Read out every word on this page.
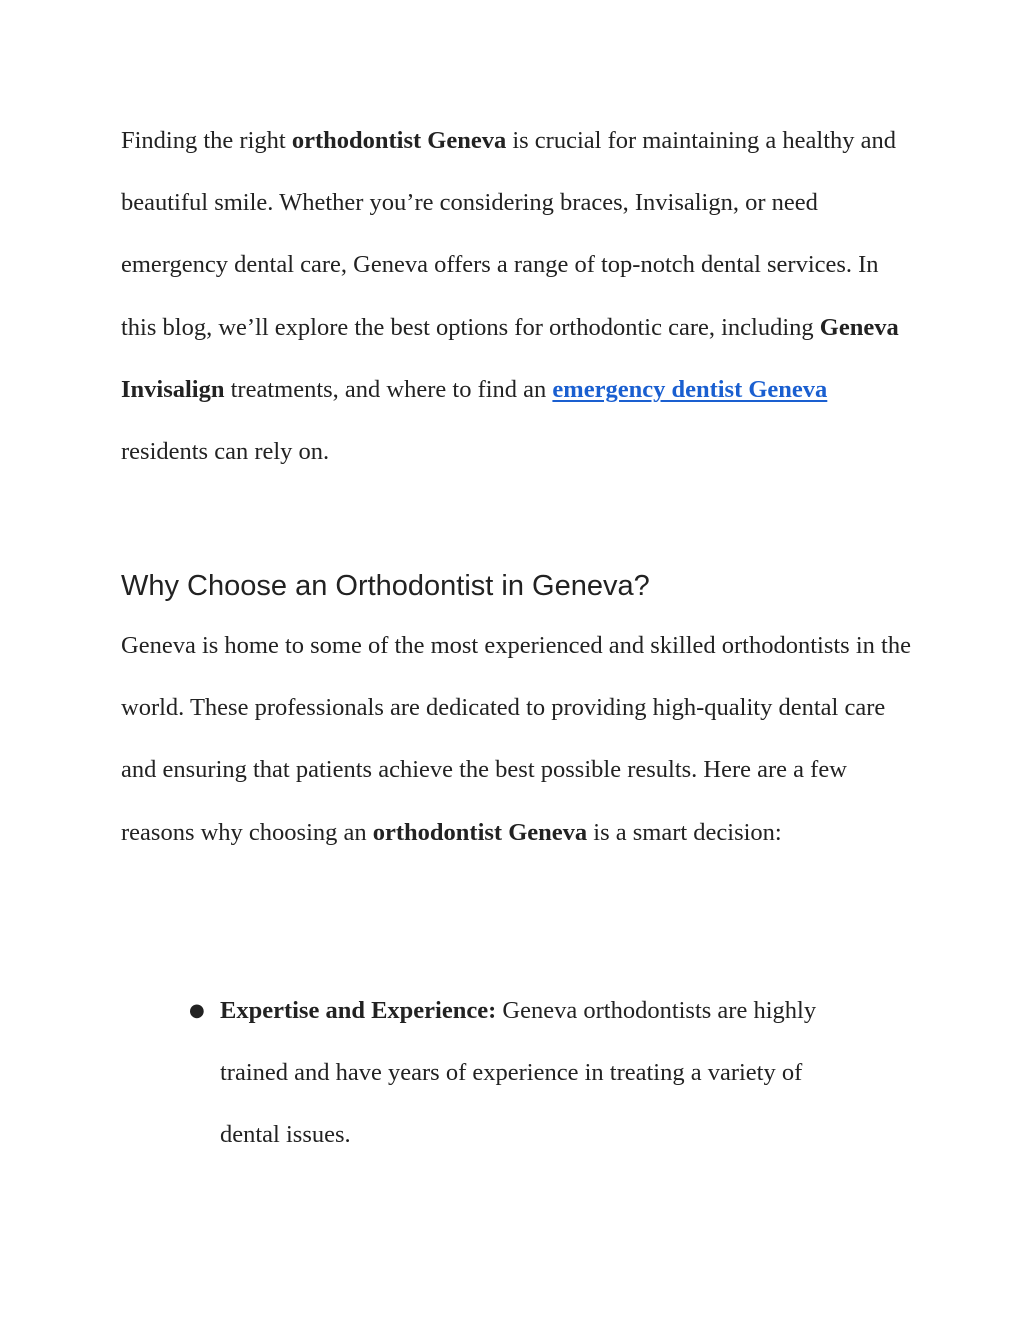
Finding the right orthodontist Geneva is crucial for maintaining a healthy and beautiful smile. Whether you’re considering braces, Invisalign, or need emergency dental care, Geneva offers a range of top-notch dental services. In this blog, we’ll explore the best options for orthodontic care, including Geneva Invisalign treatments, and where to find an emergency dentist Geneva residents can rely on.

Why Choose an Orthodontist in Geneva?

Geneva is home to some of the most experienced and skilled orthodontists in the world. These professionals are dedicated to providing high-quality dental care and ensuring that patients achieve the best possible results. Here are a few reasons why choosing an orthodontist Geneva is a smart decision:

● Expertise and Experience: Geneva orthodontists are highly trained and have years of experience in treating a variety of dental issues.
